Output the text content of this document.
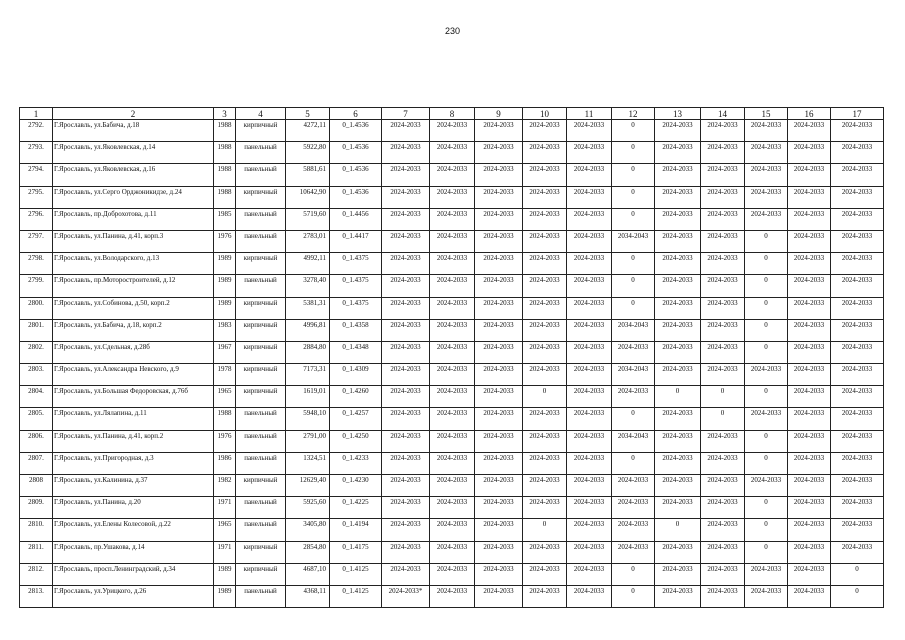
230
1	2	3	4	5	6	7	8	9	10	11	12	13	14	15	16	17
2792.	Г.Ярославль, ул.Бабича, д.18	1988	кирпичный	4272,11	0_1.4536	2024-2033	2024-2033	2024-2033	2024-2033	2024-2033	0	2024-2033	2024-2033	2024-2033	2024-2033	2024-2033
2793.	Г.Ярославль, ул.Яковлевская, д.14	1988	панельный	5922,80	0_1.4536	2024-2033	2024-2033	2024-2033	2024-2033	2024-2033	0	2024-2033	2024-2033	2024-2033	2024-2033	2024-2033
2794.	Г.Ярославль, ул.Яковлевская, д.16	1988	панельный	5881,61	0_1.4536	2024-2033	2024-2033	2024-2033	2024-2033	2024-2033	0	2024-2033	2024-2033	2024-2033	2024-2033	2024-2033
2795.	Г.Ярославль, ул.Серго Орджоникидзе, д.24	1988	кирпичный	10642,90	0_1.4536	2024-2033	2024-2033	2024-2033	2024-2033	2024-2033	0	2024-2033	2024-2033	2024-2033	2024-2033	2024-2033
2796.	Г.Ярославль, пр.Доброхотова, д.11	1985	панельный	5719,60	0_1.4456	2024-2033	2024-2033	2024-2033	2024-2033	2024-2033	0	2024-2033	2024-2033	2024-2033	2024-2033	2024-2033
2797.	Г.Ярославль, ул.Панина, д.41, корп.3	1976	панельный	2783,01	0_1.4417	2024-2033	2024-2033	2024-2033	2024-2033	2024-2033	2034-2043	2024-2033	2024-2033	0	2024-2033	2024-2033
2798.	Г.Ярославль, ул.Володарского, д.13	1989	кирпичный	4992,11	0_1.4375	2024-2033	2024-2033	2024-2033	2024-2033	2024-2033	0	2024-2033	2024-2033	0	2024-2033	2024-2033
2799.	Г.Ярославль, пр.Моторостроителей, д.12	1989	панельный	3278,40	0_1.4375	2024-2033	2024-2033	2024-2033	2024-2033	2024-2033	0	2024-2033	2024-2033	0	2024-2033	2024-2033
2800.	Г.Ярославль, ул.Собинова, д.50, корп.2	1989	кирпичный	5381,31	0_1.4375	2024-2033	2024-2033	2024-2033	2024-2033	2024-2033	0	2024-2033	2024-2033	0	2024-2033	2024-2033
2801.	Г.Ярославль, ул.Бабича, д.18, корп.2	1983	кирпичный	4996,81	0_1.4358	2024-2033	2024-2033	2024-2033	2024-2033	2024-2033	2034-2043	2024-2033	2024-2033	0	2024-2033	2024-2033
2802.	Г.Ярославль, ул.Сдельная, д.28б	1967	кирпичный	2884,80	0_1.4348	2024-2033	2024-2033	2024-2033	2024-2033	2024-2033	2024-2033	2024-2033	2024-2033	0	2024-2033	2024-2033
2803.	Г.Ярославль, ул.Александра Невского, д.9	1978	кирпичный	7173,31	0_1.4309	2024-2033	2024-2033	2024-2033	2024-2033	2024-2033	2034-2043	2024-2033	2024-2033	2024-2033	2024-2033	2024-2033
2804.	Г.Ярославль, ул.Большая Федоровская, д.76б	1965	кирпичный	1619,01	0_1.4260	2024-2033	2024-2033	2024-2033	0	2024-2033	2024-2033	0	0	0	2024-2033	2024-2033
2805.	Г.Ярославль, ул.Лялапина, д.11	1988	панельный	5948,10	0_1.4257	2024-2033	2024-2033	2024-2033	2024-2033	2024-2033	0	2024-2033	0	2024-2033	2024-2033	2024-2033
2806.	Г.Ярославль, ул.Панина, д.41, корп.2	1976	панельный	2791,00	0_1.4250	2024-2033	2024-2033	2024-2033	2024-2033	2024-2033	2034-2043	2024-2033	2024-2033	0	2024-2033	2024-2033
2807.	Г.Ярославль, ул.Пригородная, д.3	1986	панельный	1324,51	0_1.4233	2024-2033	2024-2033	2024-2033	2024-2033	2024-2033	0	2024-2033	2024-2033	0	2024-2033	2024-2033
2808	Г.Ярославль, ул.Калинина, д.37	1982	кирпичный	12629,40	0_1.4230	2024-2033	2024-2033	2024-2033	2024-2033	2024-2033	2024-2033	2024-2033	2024-2033	2024-2033	2024-2033	2024-2033
2809.	Г.Ярославль, ул.Панина, д.20	1971	панельный	5925,60	0_1.4225	2024-2033	2024-2033	2024-2033	2024-2033	2024-2033	2024-2033	2024-2033	2024-2033	0	2024-2033	2024-2033
2810.	Г.Ярославль, ул.Елены Колесовой, д.22	1965	панельный	3405,80	0_1.4194	2024-2033	2024-2033	2024-2033	0	2024-2033	2024-2033	0	2024-2033	0	2024-2033	2024-2033
2811.	Г.Ярославль, пр.Ушакова, д.14	1971	кирпичный	2854,80	0_1.4175	2024-2033	2024-2033	2024-2033	2024-2033	2024-2033	2024-2033	2024-2033	2024-2033	0	2024-2033	2024-2033
2812.	Г.Ярославль, просп.Ленинградский, д.34	1989	кирпичный	4687,10	0_1.4125	2024-2033	2024-2033	2024-2033	2024-2033	2024-2033	0	2024-2033	2024-2033	2024-2033	2024-2033	0
2813.	Г.Ярославль, ул.Урицкого, д.26	1989	панельный	4368,11	0_1.4125	2024-2033*	2024-2033	2024-2033	2024-2033	2024-2033	0	2024-2033	2024-2033	2024-2033	2024-2033	0
